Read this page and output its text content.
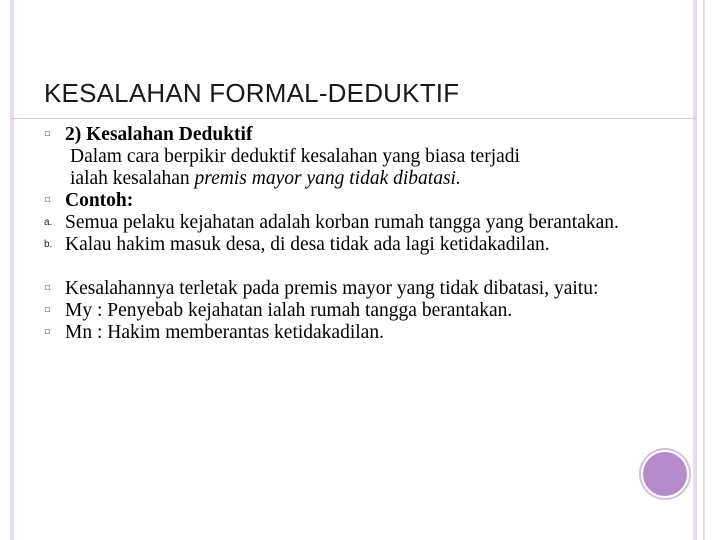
KESALAHAN FORMAL-DEDUKTIF
¤ 2) Kesalahan Deduktif
Dalam cara berpikir deduktif kesalahan yang biasa terjadi
ialah kesalahan premis mayor yang tidak dibatasi.
¤ Contoh:
a. Semua pelaku kejahatan adalah korban rumah tangga yang berantakan.
b. Kalau hakim masuk desa, di desa tidak ada lagi ketidakadilan.
¤ Kesalahannya terletak pada premis mayor yang tidak dibatasi, yaitu:
¤ My : Penyebab kejahatan ialah rumah tangga berantakan.
¤ Mn : Hakim memberantas ketidakadilan.
